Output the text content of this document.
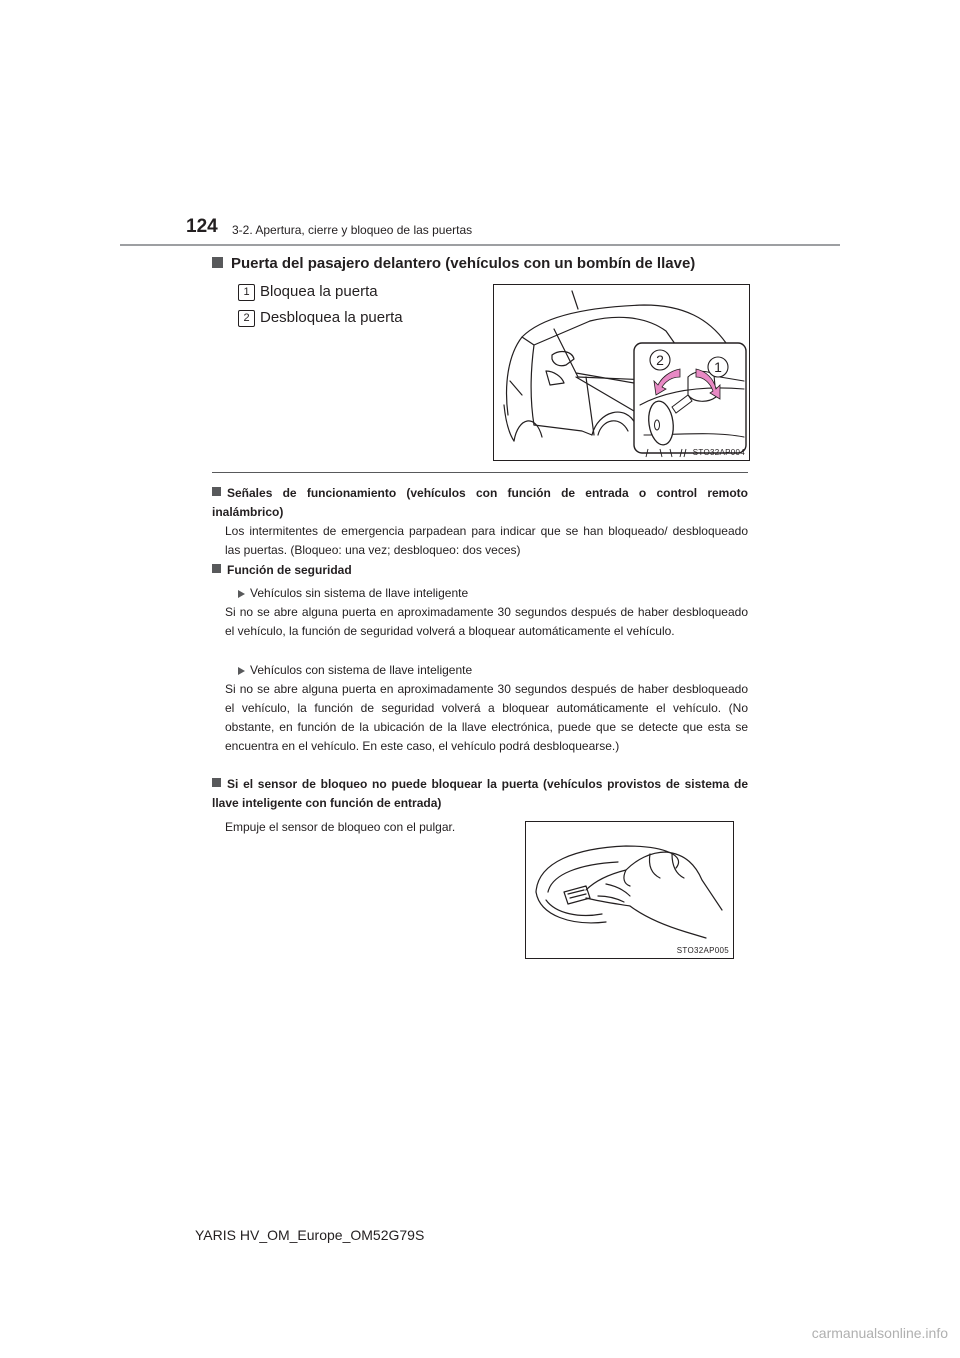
124 3-2. Apertura, cierre y bloqueo de las puertas
Puerta del pasajero delantero (vehículos con un bombín de llave)
1 Bloquea la puerta
2 Desbloquea la puerta
2	1
STO32AP004
Señales de funcionamiento (vehículos con función de entrada o control remoto inalámbrico)
Los intermitentes de emergencia parpadean para indicar que se han bloqueado/ desbloqueado las puertas. (Bloqueo: una vez; desbloqueo: dos veces)
Función de seguridad
Vehículos sin sistema de llave inteligente
Si no se abre alguna puerta en aproximadamente 30 segundos después de haber desbloqueado el vehículo, la función de seguridad volverá a bloquear automáticamente el vehículo.
Vehículos con sistema de llave inteligente
Si no se abre alguna puerta en aproximadamente 30 segundos después de haber desbloqueado el vehículo, la función de seguridad volverá a bloquear automáticamente el vehículo. (No obstante, en función de la ubicación de la llave electrónica, puede que se detecte que esta se encuentra en el vehículo. En este caso, el vehículo podrá desbloquearse.)
Si el sensor de bloqueo no puede bloquear la puerta (vehículos provistos de sistema de llave inteligente con función de entrada)
Empuje el sensor de bloqueo con el pulgar.
STO32AP005
YARIS HV_OM_Europe_OM52G79S
carmanualsonline.info
